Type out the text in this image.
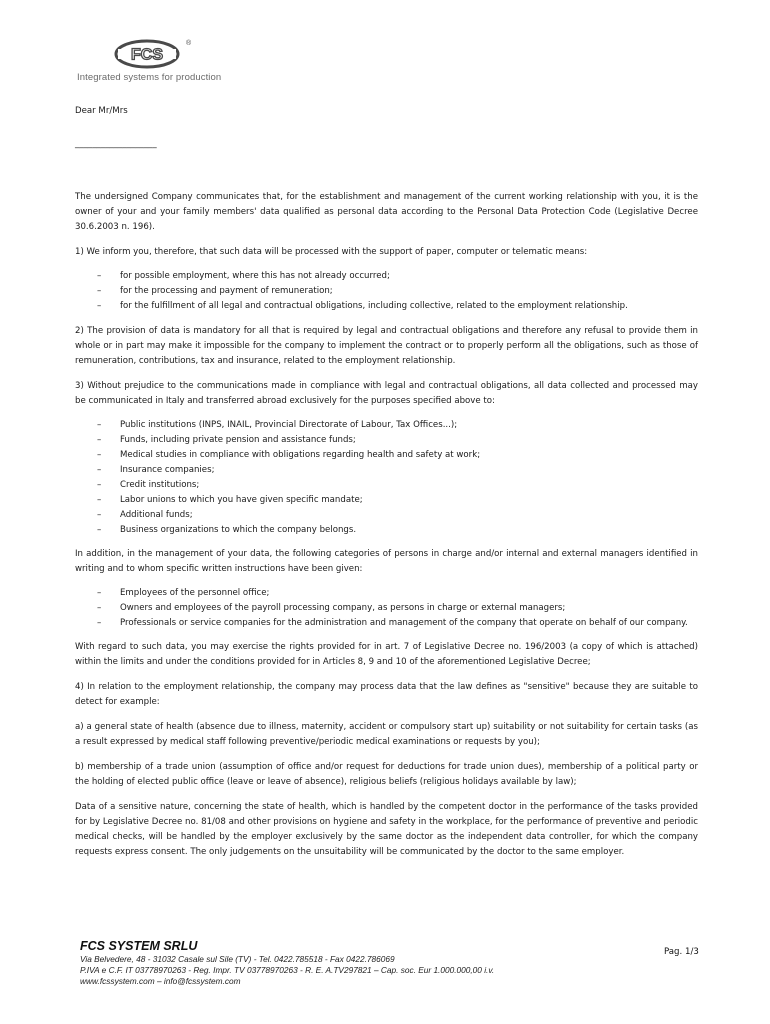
FCS
®
Integrated systems for production

Dear Mr/Mrs

___________________

The undersigned Company communicates that, for the establishment and management of the current working relationship with you, it is the owner of your and your family members' data qualified as personal data according to the Personal Data Protection Code (Legislative Decree 30.6.2003 n. 196).

1) We inform you, therefore, that such data will be processed with the support of paper, computer or telematic means:

– for possible employment, where this has not already occurred;
– for the processing and payment of remuneration;
– for the fulfillment of all legal and contractual obligations, including collective, related to the employment relationship.

2) The provision of data is mandatory for all that is required by legal and contractual obligations and therefore any refusal to provide them in whole or in part may make it impossible for the company to implement the contract or to properly perform all the obligations, such as those of remuneration, contributions, tax and insurance, related to the employment relationship.

3) Without prejudice to the communications made in compliance with legal and contractual obligations, all data collected and processed may be communicated in Italy and transferred abroad exclusively for the purposes specified above to:

– Public institutions (INPS, INAIL, Provincial Directorate of Labour, Tax Offices...);
– Funds, including private pension and assistance funds;
– Medical studies in compliance with obligations regarding health and safety at work;
– Insurance companies;
– Credit institutions;
– Labor unions to which you have given specific mandate;
– Additional funds;
– Business organizations to which the company belongs.

In addition, in the management of your data, the following categories of persons in charge and/or internal and external managers identified in writing and to whom specific written instructions have been given:

– Employees of the personnel office;
– Owners and employees of the payroll processing company, as persons in charge or external managers;
– Professionals or service companies for the administration and management of the company that operate on behalf of our company.

With regard to such data, you may exercise the rights provided for in art. 7 of Legislative Decree no. 196/2003 (a copy of which is attached) within the limits and under the conditions provided for in Articles 8, 9 and 10 of the aforementioned Legislative Decree;

4) In relation to the employment relationship, the company may process data that the law defines as "sensitive" because they are suitable to detect for example:

a) a general state of health (absence due to illness, maternity, accident or compulsory start up) suitability or not suitability for certain tasks (as a result expressed by medical staff following preventive/periodic medical examinations or requests by you);

b) membership of a trade union (assumption of office and/or request for deductions for trade union dues), membership of a political party or the holding of elected public office (leave or leave of absence), religious beliefs (religious holidays available by law);

Data of a sensitive nature, concerning the state of health, which is handled by the competent doctor in the performance of the tasks provided for by Legislative Decree no. 81/08 and other provisions on hygiene and safety in the workplace, for the performance of preventive and periodic medical checks, will be handled by the employer exclusively by the same doctor as the independent data controller, for which the company requests express consent. The only judgements on the unsuitability will be communicated by the doctor to the same employer.

FCS SYSTEM SRLU

Via Belvedere, 48 - 31032 Casale sul Sile (TV) - Tel. 0422.785518 - Fax 0422.786069

P.IVA e C.F. IT 03778970263 - Reg. Impr. TV 03778970263 - R. E. A.TV297821 – Cap. soc. Eur 1.000.000,00 i.v.

www.fcssystem.com – info@fcssystem.com

Pag. 1/3
